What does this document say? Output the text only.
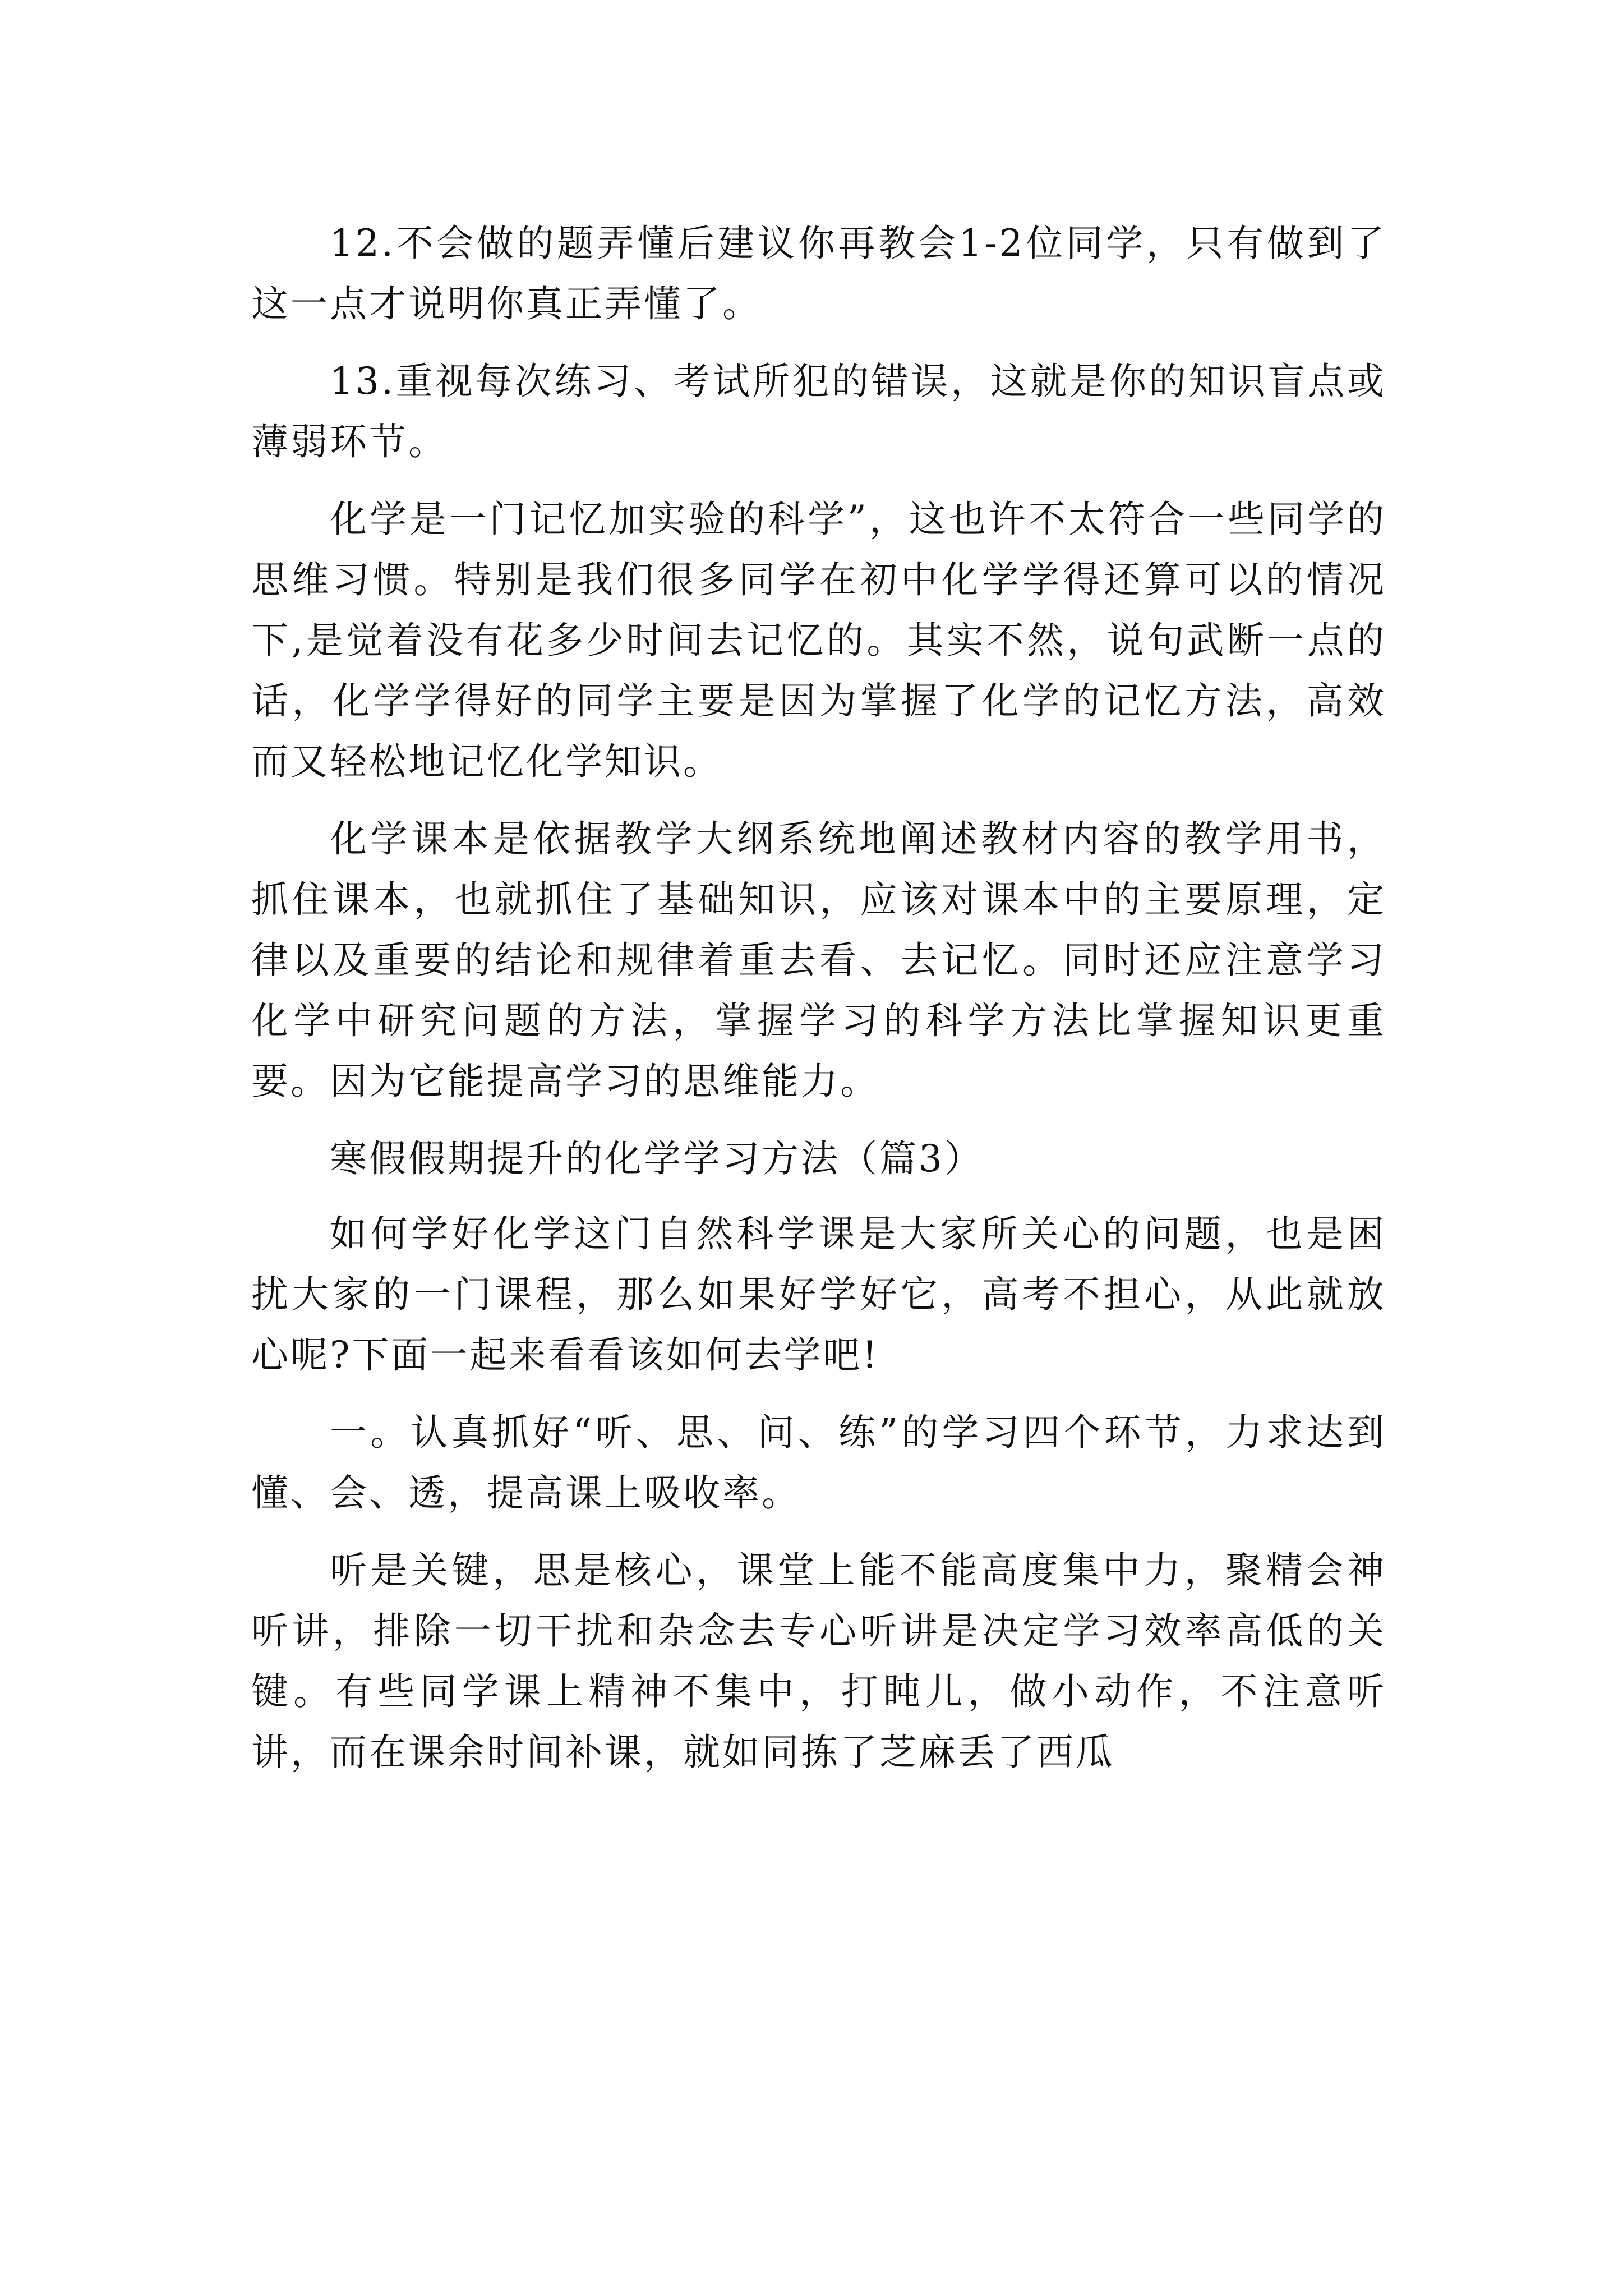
12.不会做的题弄懂后建议你再教会1-2位同学，只有做到了这一点才说明你真正弄懂了。

13.重视每次练习、考试所犯的错误，这就是你的知识盲点或薄弱环节。

化学是一门记忆加实验的科学”，这也许不太符合一些同学的思维习惯。特别是我们很多同学在初中化学学得还算可以的情况下,是觉着没有花多少时间去记忆的。其实不然，说句武断一点的话，化学学得好的同学主要是因为掌握了化学的记忆方法，高效而又轻松地记忆化学知识。

化学课本是依据教学大纲系统地阐述教材内容的教学用书，抓住课本，也就抓住了基础知识，应该对课本中的主要原理，定律以及重要的结论和规律着重去看、去记忆。同时还应注意学习化学中研究问题的方法，掌握学习的科学方法比掌握知识更重要。因为它能提高学习的思维能力。

寒假假期提升的化学学习方法（篇3）

如何学好化学这门自然科学课是大家所关心的问题，也是困扰大家的一门课程，那么如果好学好它，高考不担心，从此就放心呢?下面一起来看看该如何去学吧!

一。认真抓好“听、思、问、练”的学习四个环节，力求达到懂、会、透，提高课上吸收率。

听是关键，思是核心，课堂上能不能高度集中力，聚精会神听讲，排除一切干扰和杂念去专心听讲是决定学习效率高低的关键。有些同学课上精神不集中，打盹儿，做小动作，不注意听讲，而在课余时间补课，就如同拣了芝麻丢了西瓜
